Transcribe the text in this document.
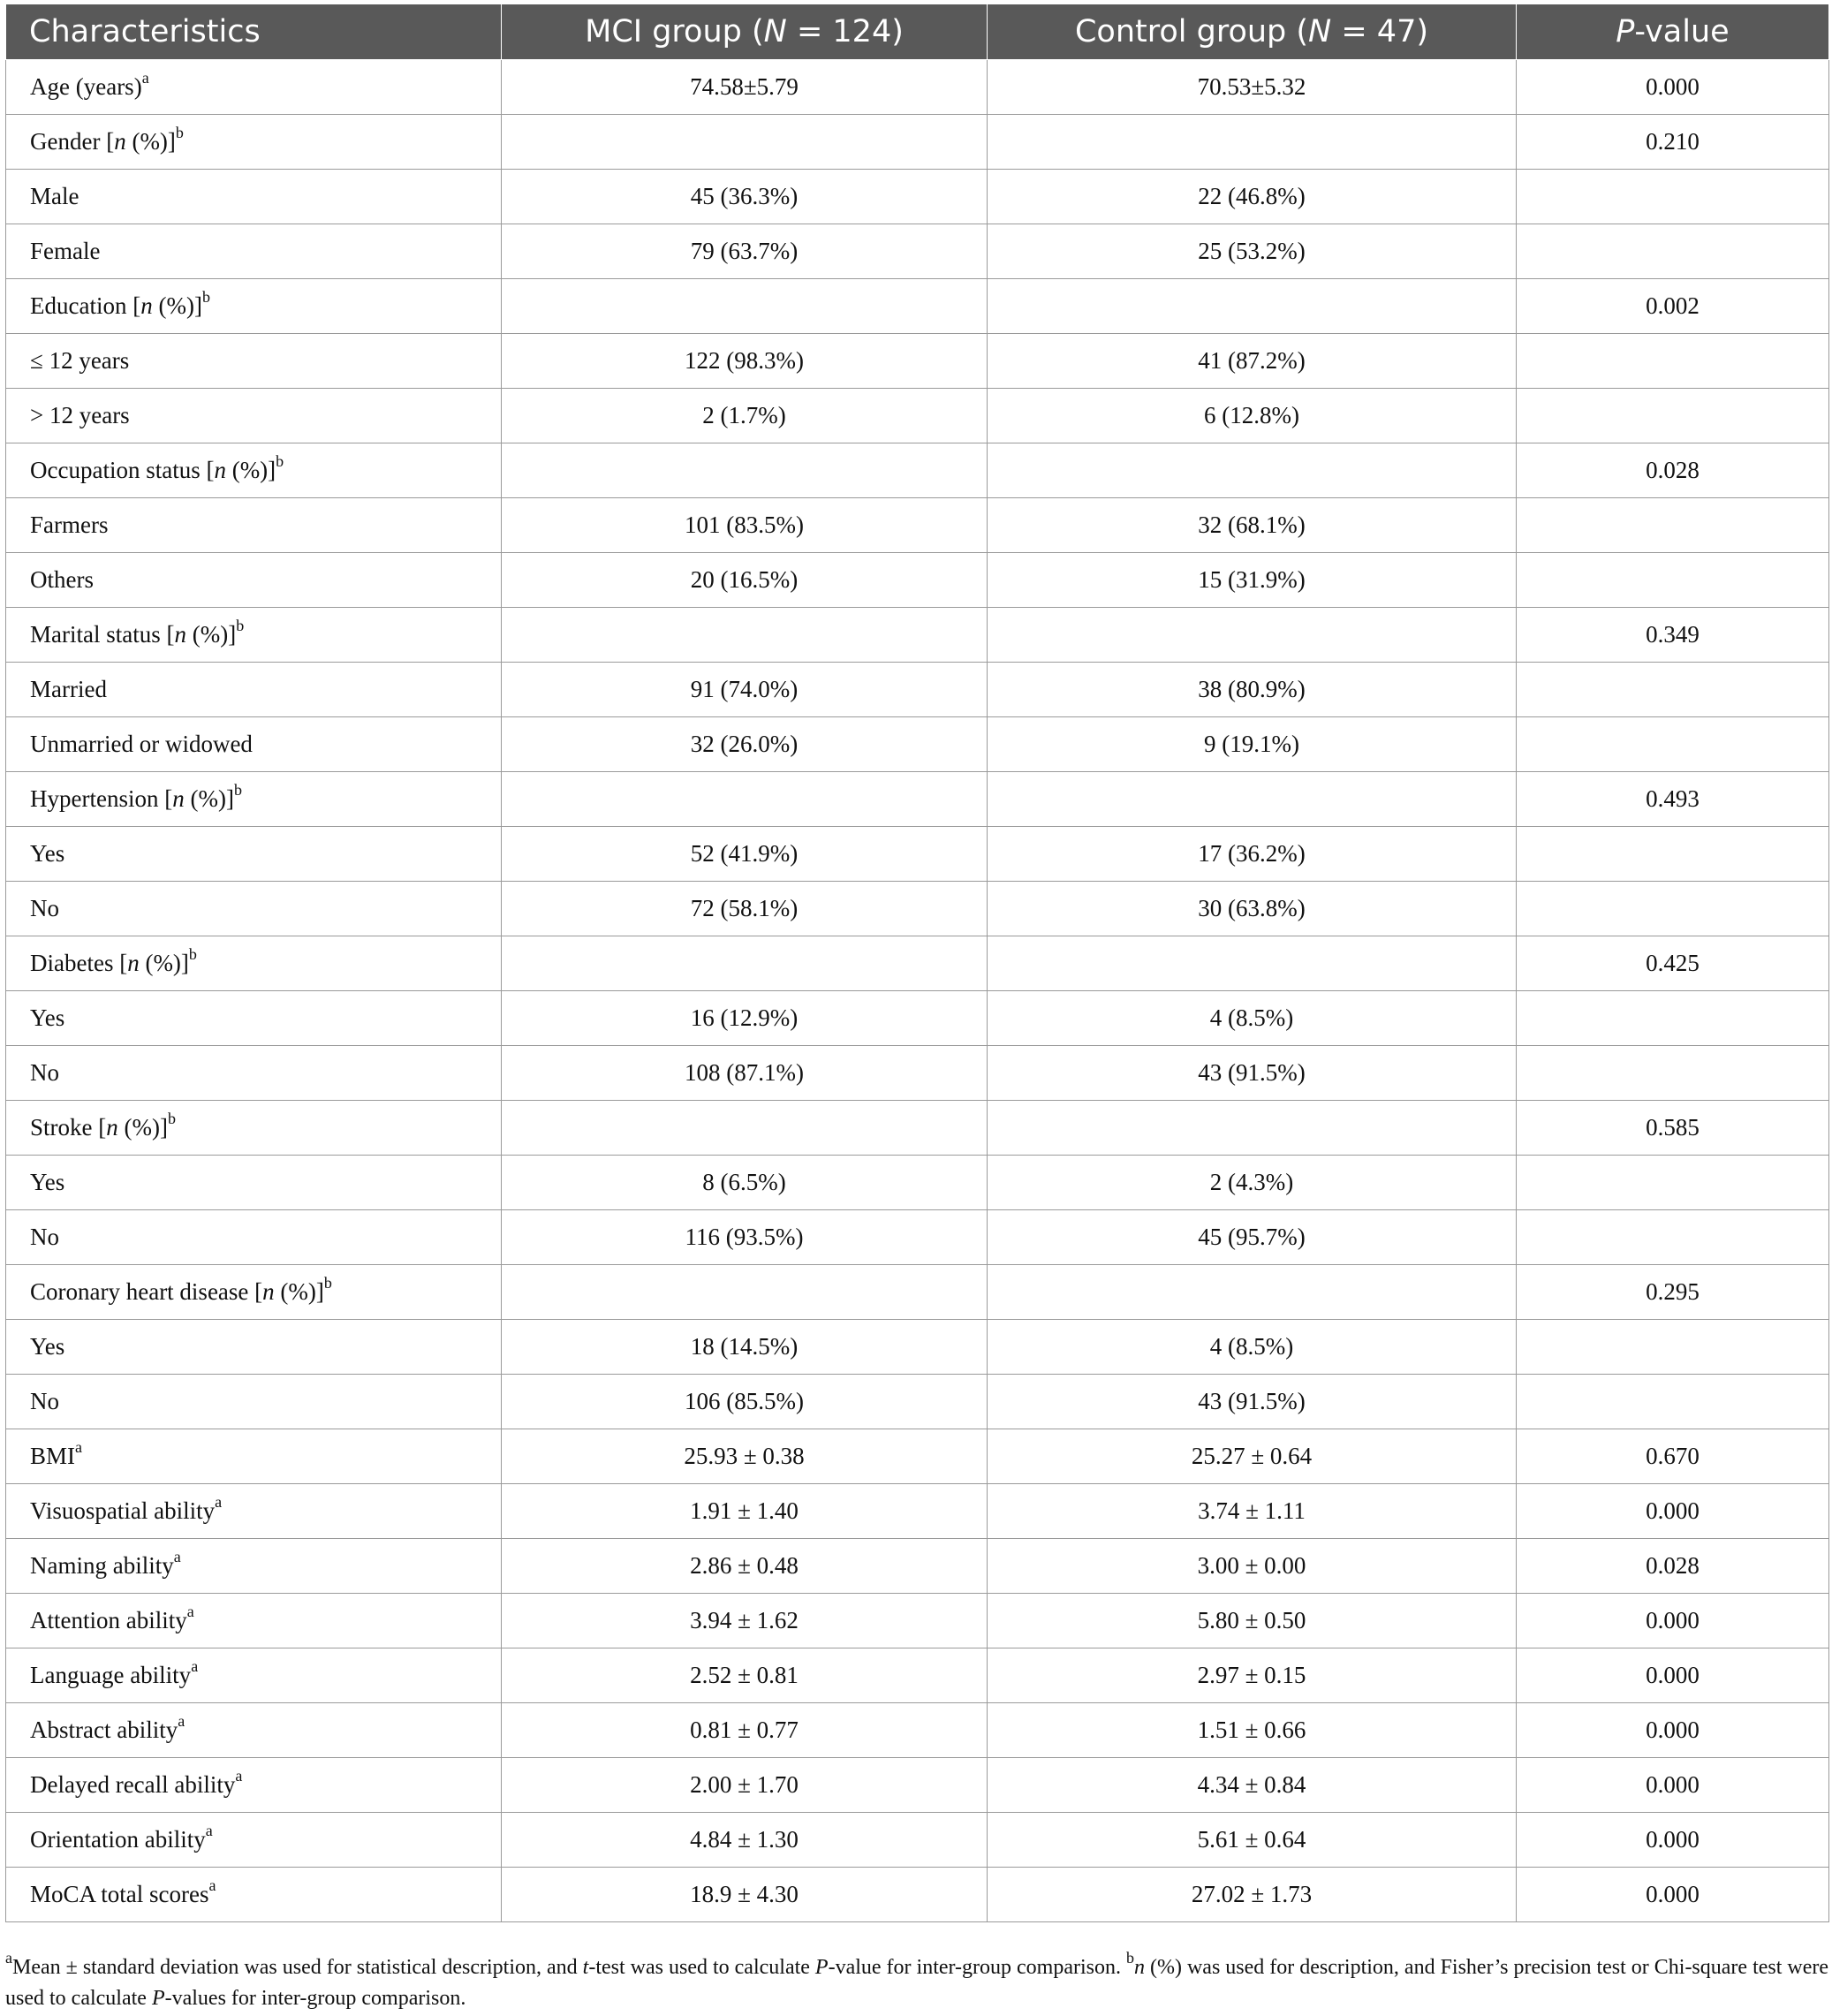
Characteristics	MCI group (N = 124)	Control group (N = 47)	P-value
Age (years)$^a$	74.58±5.79	70.53±5.32	0.000
Gender [n (%)]$^b$			0.210
Male	45 (36.3%)	22 (46.8%)	
Female	79 (63.7%)	25 (53.2%)	
Education [n (%)]$^b$			0.002
≤ 12 years	122 (98.3%)	41 (87.2%)	
> 12 years	2 (1.7%)	6 (12.8%)	
Occupation status [n (%)]$^b$			0.028
Farmers	101 (83.5%)	32 (68.1%)	
Others	20 (16.5%)	15 (31.9%)	
Marital status [n (%)]$^b$			0.349
Married	91 (74.0%)	38 (80.9%)	
Unmarried or widowed	32 (26.0%)	9 (19.1%)	
Hypertension [n (%)]$^b$			0.493
Yes	52 (41.9%)	17 (36.2%)	
No	72 (58.1%)	30 (63.8%)	
Diabetes [n (%)]$^b$			0.425
Yes	16 (12.9%)	4 (8.5%)	
No	108 (87.1%)	43 (91.5%)	
Stroke [n (%)]$^b$			0.585
Yes	8 (6.5%)	2 (4.3%)	
No	116 (93.5%)	45 (95.7%)	
Coronary heart disease [n (%)]$^b$			0.295
Yes	18 (14.5%)	4 (8.5%)	
No	106 (85.5%)	43 (91.5%)	
BMI$^a$	25.93 ± 0.38	25.27 ± 0.64	0.670
Visuospatial ability$^a$	1.91 ± 1.40	3.74 ± 1.11	0.000
Naming ability$^a$	2.86 ± 0.48	3.00 ± 0.00	0.028
Attention ability$^a$	3.94 ± 1.62	5.80 ± 0.50	0.000
Language ability$^a$	2.52 ± 0.81	2.97 ± 0.15	0.000
Abstract ability$^a$	0.81 ± 0.77	1.51 ± 0.66	0.000
Delayed recall ability$^a$	2.00 ± 1.70	4.34 ± 0.84	0.000
Orientation ability$^a$	4.84 ± 1.30	5.61 ± 0.64	0.000
MoCA total scores$^a$	18.9 ± 4.30	27.02 ± 1.73	0.000
$^a$Mean ± standard deviation was used for statistical description, and t-test was used to calculate P-value for inter-group comparison. $^b$n (%) was used for description, and Fisher’s precision test or Chi-square test were used to calculate P-values for inter-group comparison.
